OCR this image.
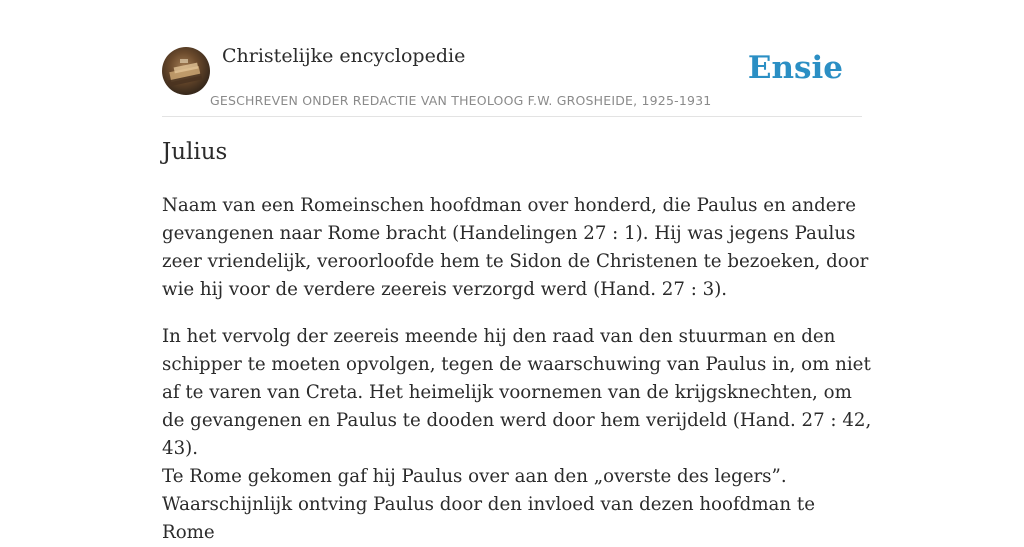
Christelijke encyclopedie
GESCHREVEN ONDER REDACTIE VAN THEOLOOG F.W. GROSHEIDE, 1925-1931
Ensie
Julius

Naam van een Romeinschen hoofdman over honderd, die Paulus en andere gevangenen naar Rome bracht (Handelingen 27 : 1). Hij was jegens Paulus zeer vriendelijk, veroorloofde hem te Sidon de Christenen te bezoeken, door wie hij voor de verdere zeereis verzorgd werd (Hand. 27 : 3).

In het vervolg der zeereis meende hij den raad van den stuurman en den schipper te moeten opvolgen, tegen de waarschuwing van Paulus in, om niet af te varen van Creta. Het heimelijk voornemen van de krijgsknechten, om de gevangenen en Paulus te dooden werd door hem verijdeld (Hand. 27 : 42, 43).

Te Rome gekomen gaf hij Paulus over aan den „overste des legers”. Waarschijnlijk ontving Paulus door den invloed van dezen hoofdman te Rome
